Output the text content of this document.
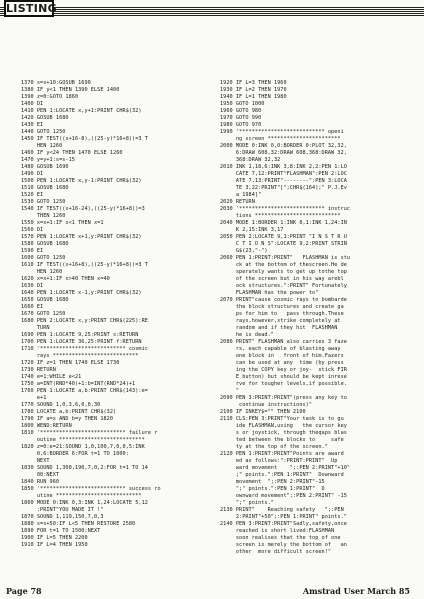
LISTING

1370 s=s+10:GOSUB 1690
1380 IF y<1 THEN 1390 ELSE 1400
1390 z=0:GOTO 1860
1400 DI
1410 PEN 1:LOCATE x,y+1:PRINT CHR$(32)
1420 GOSUB 1680
1430 EI
1440 GOTO 1250
1450 IF TEST((x+16-8),((25-y)*16+8))=3 T
HEN 1260
1460 IF y<24 THEN 1470 ELSE 1260
1470 y=y+1:s=s-15
1480 GOSUB 1690
1490 DI
1500 PEN 1:LOCATE x,y-1:PRINT CHR$(32)
1510 GOSUB 1680
1520 EI
1530 GOTO 1250
1540 IF TEST((x+16-24),((25-y)*16+8))=3
THEN 1260
1550 x=x+1:IF x<1 THEN x=1
1560 DI
1570 PEN 1:LOCATE x+1,y:PRINT CHR$(32)
1580 GOSUB 1680
1590 EI
1600 GOTO 1250
1610 IF TEST((x+16+8),((25-y)*16+8))=3 T
HEN 1260
1620 x=x+1:IF x>40 THEN x=40
1630 DI
1640 PEN 1:LOCATE x-1,y:PRINT CHR$(32)
1650 GOSUB 1680
1660 EI
1670 GOTO 1250
1680 PEN 2:LOCATE x,y:PRINT CHR$(225):RE
TURN
1690 PEN 1:LOCATE 9,25:PRINT s:RETURN
1700 PEN 1:LOCATE 36,25:PRINT f:RETURN
1710 '*************************** cosmic
rays ***************************
1720 IF z=1 THEN 1740 ELSE 1730
1730 RETURN
1740 e=1:WHILE e<21
1750 a=INT(RND*40)+1:b=INT(RND*24)+1
1760 PEN 1:LOCATE a,b:PRINT CHR$(143):e=
e+1
1770 SOUND 1,0,3,6,0,0,30
1780 LOCATE a,b:PRINT CHR$(32)
1790 IF a=x AND b=y THEN 1820
1800 WEND:RETURN
1810 '*************************** failure r
outine ***************************
1820 z=0:e=21:SOUND 1,0,100,7,0,0,5:INK
0,6:BORDER 6:FOR t=1 TO 1000:
NEXT
1830 SOUND 1,300,190,7,0,2:FOR t=1 TO 14
00:NEXT
1840 RUN 960
1850 '*************************** success ro
utine ***************************
1860 MODE 0:INK 0,3:INK 1,24:LOCATE 5,12
:PRINT"YOU MADE IT !"
1870 SOUND 1,119,150,7,0,3
1880 s=s+50:IF L<5 THEN RESTORE 2580
1890 FOR t=1 TO 1500:NEXT
1900 IF L=5 THEN 2200
1910 IF L=4 THEN 1950

1920 IF L=3 THEN 1960
1930 IF L=2 THEN 1970
1940 IF L=1 THEN 1980
1950 GOTO 1000
1960 GOTO 980
1970 GOTO 990
1980 GOTO 970
1990 '*************************** openi
ng screen ***********************
2000 MODE 0:INK 0,0:BORDER 0:PLOT 32,32,
6:DRAW 608,32:DRAW 608,368:DRAW 32,
368:DRAW 32,32
2010 INK 1,18,6:INK 3,8:INK 2,2:PEN 1:LO
CATE 7,12:PRINT"FLASHMAN":PEN 2:LOC
ATE 7,13:PRINT"--------":PEN 3:LOCA
TE 3,22:PRINT"[";CHR$(164);" P.J.Ev
a 1984]"
2020 RETURN
2030 '*************************** instruc
tions ***************************
2040 MODE 1:BORDER 1:INK 0,1:INK 1,24:IN
K 2,15:INK 3,17
2050 PEN 2:LOCATE 9,1:PRINT "I N S T R U
C T I O N S":LOCATE 9,2:PRINT STRIN
G$(23,"-")
2060 PEN 1:PRINT:PRINT"   FLASHMAN is stu
ck at the bottom of thescreen.He de
sperately wants to get up tothe top
of the screen but in his way arebl
ock structures.":PRINT" Fortunately
FLASHMAN has the power to"
2070 PRINT"cause cosmic rays to bombarde
the block structures and create ga
ps for him to   pass through.These
rays,however,strike completely at
random and if they hit  FLASHMAN
he is dead."
2080 PRINT" FLASHMAN also carries 3 faze
rs, each capable of blasting away
one block in   front of him.Fazers
can be used at any  time (by press
ing the COPY key or joy-  stick FIR
E button) but should be kept inrese
rve for tougher levels,if possible.
"
2090 PEN 3:PRINT:PRINT"(press any key to
continue instructions)"
2100 IF INKEY$="" THEN 2100
2110 CLS:PEN 3:PRINT"Your task is to gu
ide FLASHMAN,using   the cursor key
s or joystick, through theqaps blas
ted between the blocks to     safe
ty at the top of the screen."
2120 PEN 1:PRINT:PRINT"Points are award
ed as follows:":PRINT:PRINT"  Up
ward movement    ";:PEN 2:PRINT"+10"
;" points.":PEN 1:PRINT"  Downward
movement  ";:PEN 2:PRINT"-15
";" points.":PEN 1:PRINT"  D
ownward movement";:PEN 2:PRINT" -15
";" points."
2130 PRINT"    Reaching safety   ";:PEN
2:PRINT"+50";:PEN 1:PRINT" points."
2140 PEN 3:PRINT:PRINT"Sadly,safety,once
reached is short lived:FLASHMAN
soon realises that the top of one
screen is merely the bottom of   an
other  more difficult screen!"

Page 78	Amstrad User March 85
